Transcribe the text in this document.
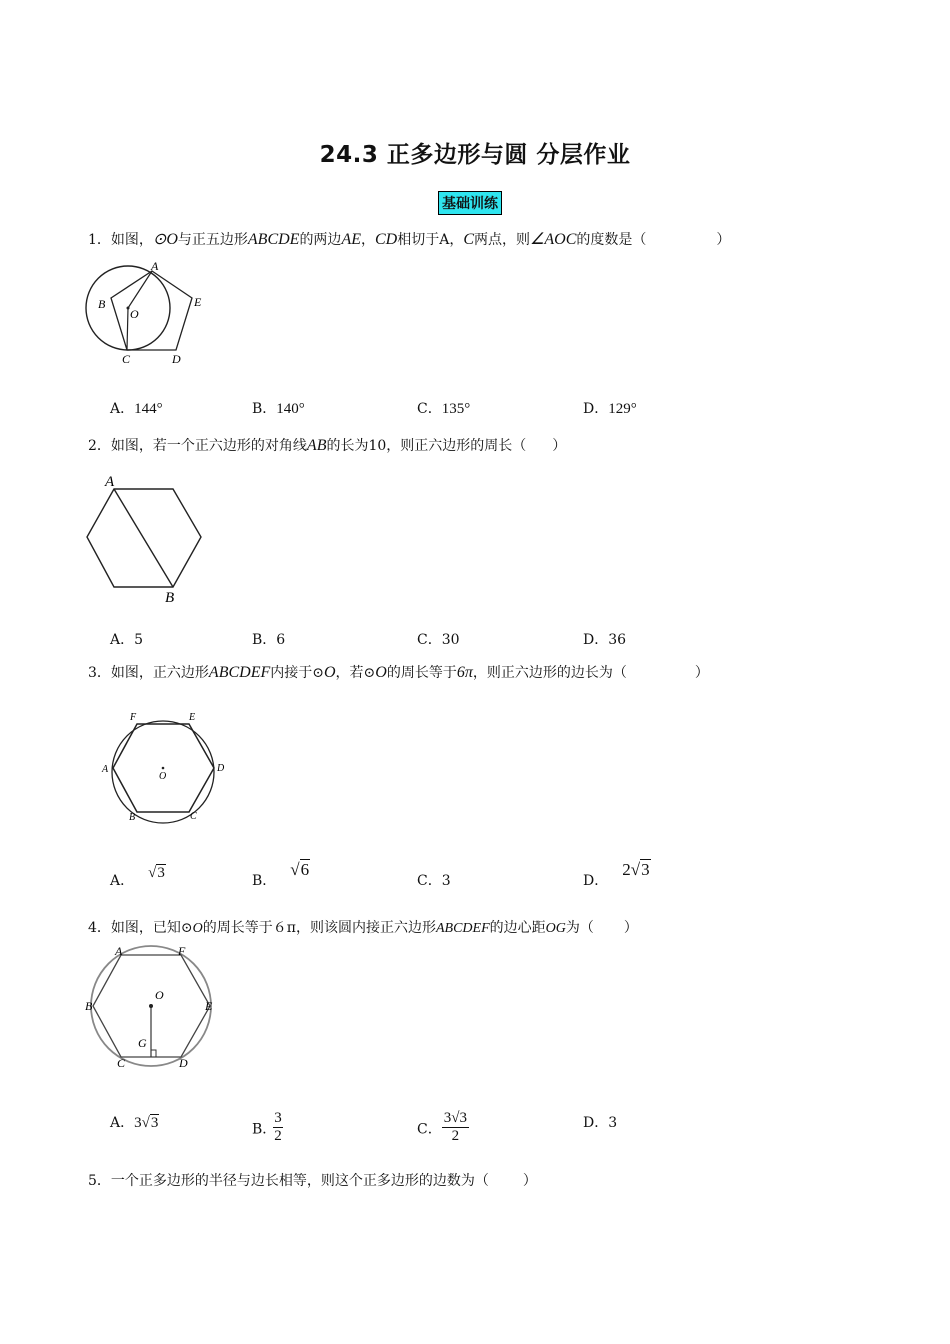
24.3 正多边形与圆 分层作业
基础训练
1．如图，⊙O与正五边形ABCDE的两边AE，CD相切于A，C两点，则∠AOC的度数是（	）
A
B
O
E
C	D
A．144°	B．140°	C．135°	D．129°
2．如图，若一个正六边形的对角线AB的长为10，则正六边形的周长（ ）
A
B
A．5	B．6	C．30	D．36
3．如图，正六边形ABCDEF内接于⊙O，若⊙O的周长等于6π，则正六边形的边长为（	）
F	E
A
O
D
B	C
A． √3	B．√6
C．3	D．2√3
4．如图，已知⊙O的周长等于６π，则该圆内接正六边形ABCDEF的边心距OG为（ ）
A	F
O
B	E
G
C	D
A．3√3	B．
$\frac{3}{2}$	C． $\frac{3√3}{2}$	D．3
5．一个正多边形的半径与边长相等，则这个正多边形的边数为（ ）
